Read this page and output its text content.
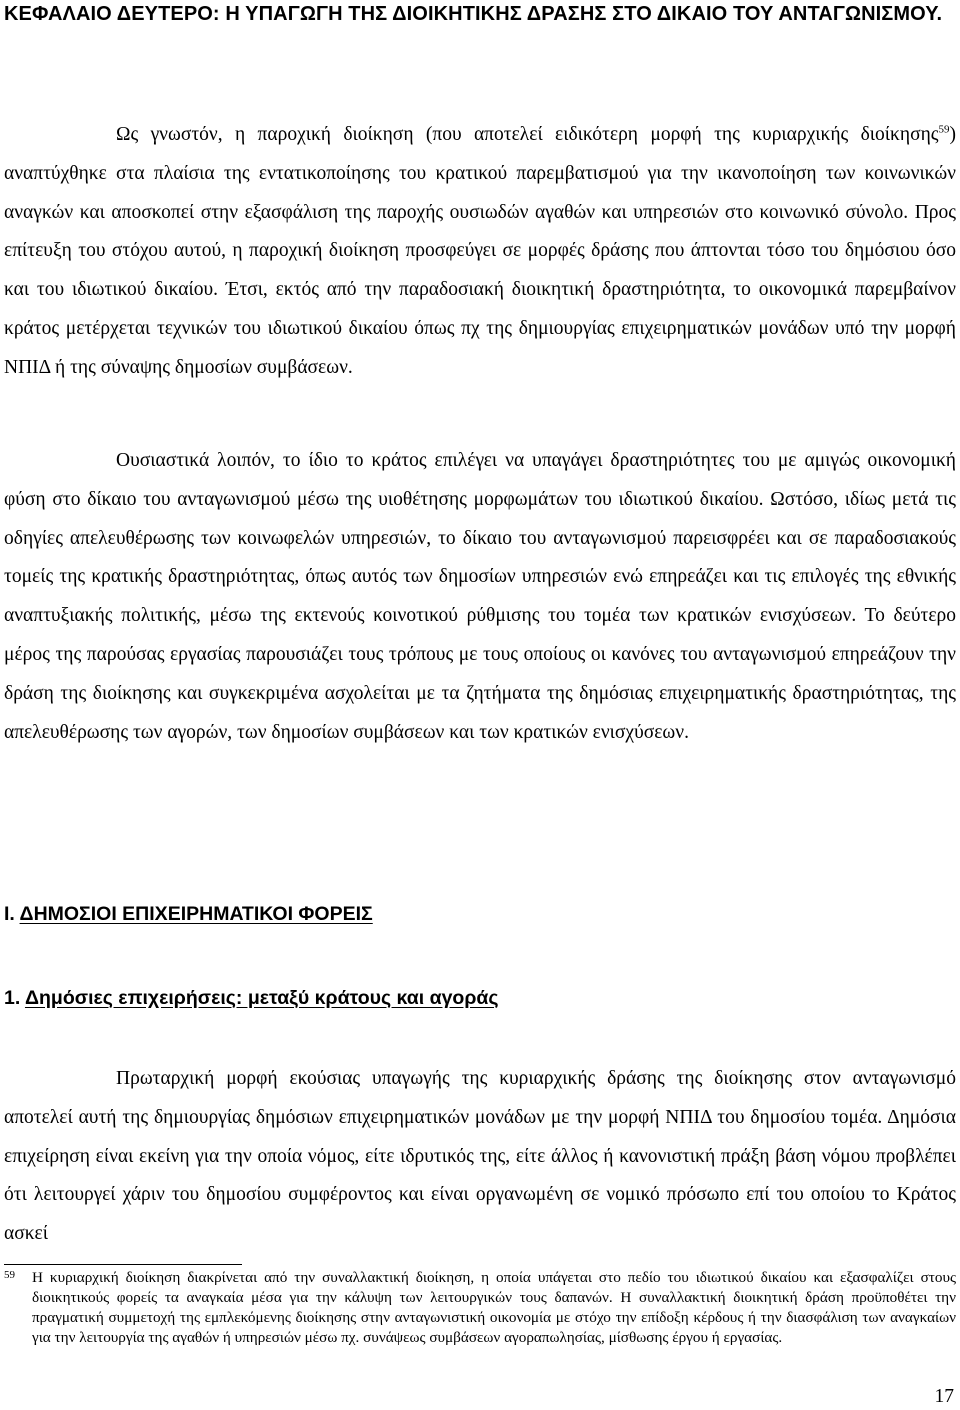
ΚΕΦΑΛΑΙΟ ΔΕΥΤΕΡΟ: Η ΥΠΑΓΩΓΗ ΤΗΣ ΔΙΟΙΚΗΤΙΚΗΣ ΔΡΑΣΗΣ ΣΤΟ ΔΙΚΑΙΟ ΤΟΥ ΑΝΤΑΓΩΝΙΣΜΟΥ.

Ως γνωστόν, η παροχική διοίκηση (που αποτελεί ειδικότερη μορφή της κυριαρχικής διοίκησης$^{59}$) αναπτύχθηκε στα πλαίσια της εντατικοποίησης του κρατικού παρεμβατισμού για την ικανοποίηση των κοινωνικών αναγκών και αποσκοπεί στην εξασφάλιση της παροχής ουσιωδών αγαθών και υπηρεσιών στο κοινωνικό σύνολο. Προς επίτευξη του στόχου αυτού, η παροχική διοίκηση προσφεύγει σε μορφές δράσης που άπτονται τόσο του δημόσιου όσο και του ιδιωτικού δικαίου. Έτσι, εκτός από την παραδοσιακή διοικητική δραστηριότητα, το οικονομικά παρεμβαίνον κράτος μετέρχεται τεχνικών του ιδιωτικού δικαίου όπως πχ της δημιουργίας επιχειρηματικών μονάδων υπό την μορφή ΝΠΙΔ ή της σύναψης δημοσίων συμβάσεων.

Ουσιαστικά λοιπόν, το ίδιο το κράτος επιλέγει να υπαγάγει δραστηριότητες του με αμιγώς οικονομική φύση στο δίκαιο του ανταγωνισμού μέσω της υιοθέτησης μορφωμάτων του ιδιωτικού δικαίου. Ωστόσο, ιδίως μετά τις οδηγίες απελευθέρωσης των κοινωφελών υπηρεσιών, το δίκαιο του ανταγωνισμού παρεισφρέει και σε παραδοσιακούς τομείς της κρατικής δραστηριότητας, όπως αυτός των δημοσίων υπηρεσιών ενώ επηρεάζει και τις επιλογές της εθνικής αναπτυξιακής πολιτικής, μέσω της εκτενούς κοινοτικού ρύθμισης του τομέα των κρατικών ενισχύσεων. Το δεύτερο μέρος της παρούσας εργασίας παρουσιάζει τους τρόπους με τους οποίους οι κανόνες του ανταγωνισμού επηρεάζουν την δράση της διοίκησης και συγκεκριμένα ασχολείται με τα ζητήματα της δημόσιας επιχειρηματικής δραστηριότητας, της απελευθέρωσης των αγορών, των δημοσίων συμβάσεων και των κρατικών ενισχύσεων.

Ι. ΔΗΜΟΣΙΟΙ ΕΠΙΧΕΙΡΗΜΑΤΙΚΟΙ ΦΟΡΕΙΣ
1. Δημόσιες επιχειρήσεις: μεταξύ κράτους και αγοράς

Πρωταρχική μορφή εκούσιας υπαγωγής της κυριαρχικής δράσης της διοίκησης στον ανταγωνισμό αποτελεί αυτή της δημιουργίας δημόσιων επιχειρηματικών μονάδων με την μορφή ΝΠΙΔ του δημοσίου τομέα. Δημόσια επιχείρηση είναι εκείνη για την οποία νόμος, είτε ιδρυτικός της, είτε άλλος ή κανονιστική πράξη βάση νόμου προβλέπει ότι λειτουργεί χάριν του δημοσίου συμφέροντος και είναι οργανωμένη σε νομικό πρόσωπο επί του οποίου το Κράτος ασκεί

59 Η κυριαρχική διοίκηση διακρίνεται από την συναλλακτική διοίκηση, η οποία υπάγεται στο πεδίο του ιδιωτικού δικαίου και εξασφαλίζει στους διοικητικούς φορείς τα αναγκαία μέσα για την κάλυψη των λειτουργικών τους δαπανών. Η συναλλακτική διοικητική δράση προϋποθέτει την πραγματική συμμετοχή της εμπλεκόμενης διοίκησης στην ανταγωνιστική οικονομία με στόχο την επίδοξη κέρδους ή την διασφάλιση των αναγκαίων για την λειτουργία της αγαθών ή υπηρεσιών μέσω πχ. συνάψεως συμβάσεων αγοραπωλησίας, μίσθωσης έργου ή εργασίας.
17
